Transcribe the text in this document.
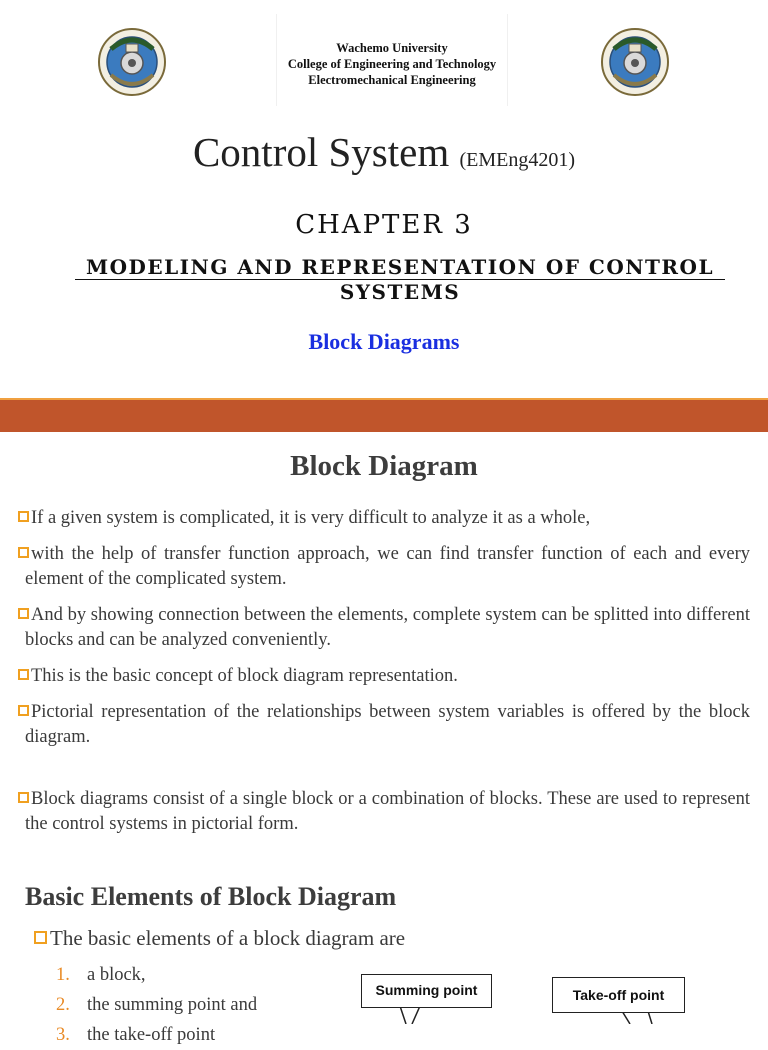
Wachemo University
College of Engineering and Technology
Electromechanical Engineering
Control System (EMEng4201)
CHAPTER 3
MODELING AND REPRESENTATION OF CONTROL SYSTEMS
Block Diagrams
Block Diagram
If a given system is complicated, it is very difficult to analyze it as a whole,
with the help of transfer function approach, we can find transfer function of each and every element of the complicated system.
And by showing connection between the elements, complete system can be splitted into different blocks and can be analyzed conveniently.
This is the basic concept of block diagram representation.
Pictorial representation of the relationships between system variables is offered by the block diagram.
Block diagrams consist of a single block or a combination of blocks. These are used to represent the control systems in pictorial form.
Basic Elements of Block Diagram
The basic elements of a block diagram are
1. a block,
2. the summing point and
3. the take-off point
Summing point	Take-off point
